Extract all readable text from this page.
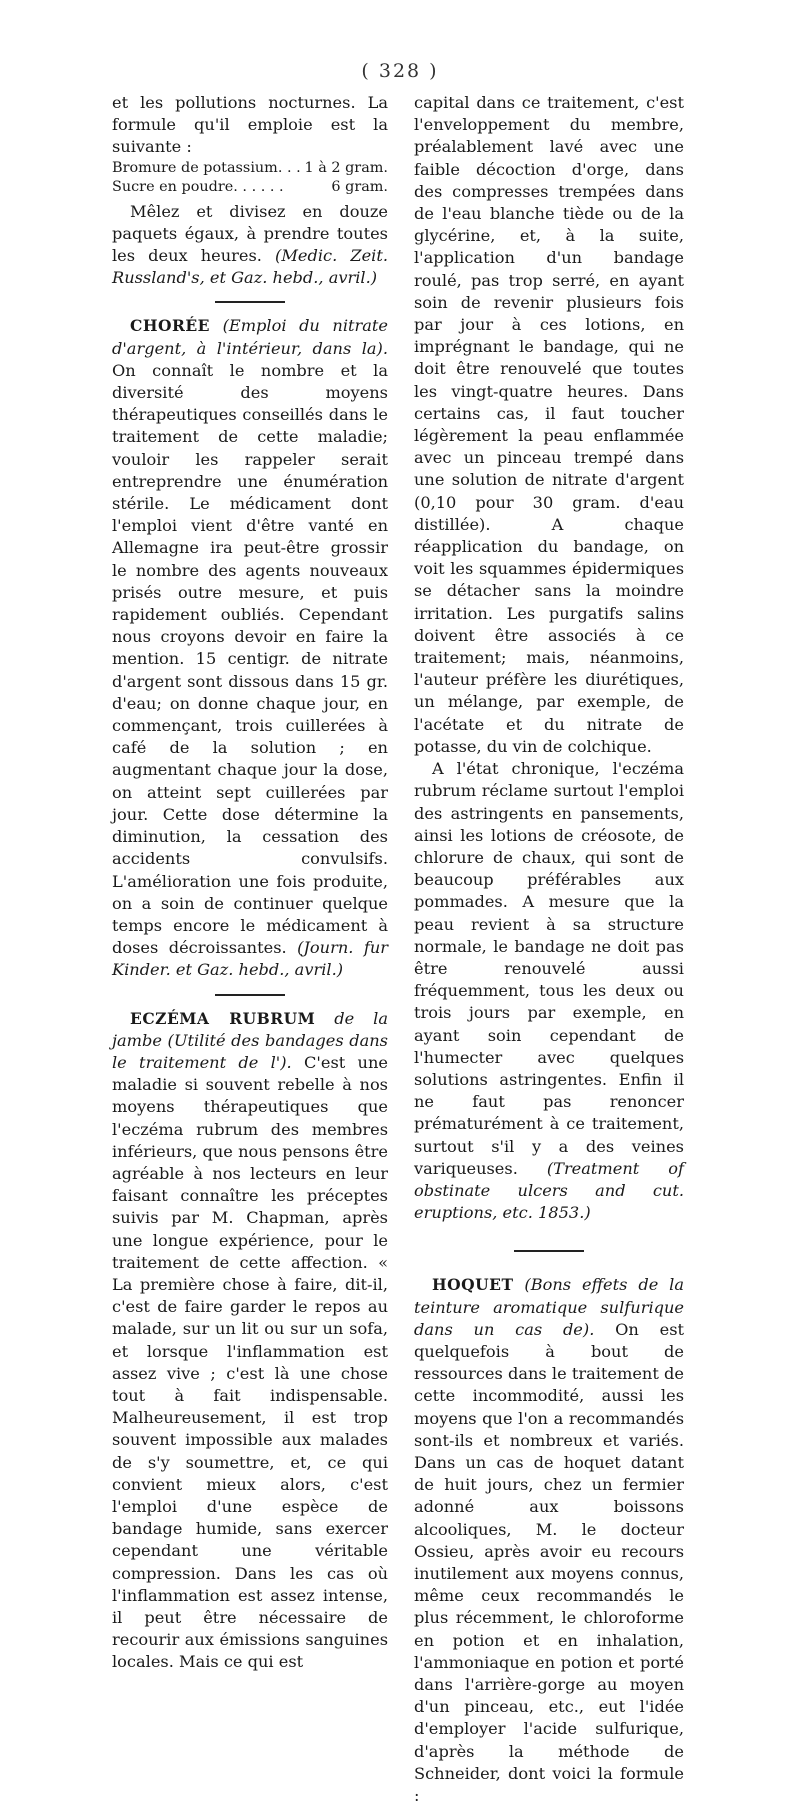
( 328 )

et les pollutions nocturnes. La formule qu'il emploie est la suivante :

Bromure de potassium. . . 1 à 2 gram.
Sucre en poudre. . . . . .	6 gram.

Mêlez et divisez en douze paquets égaux, à prendre toutes les deux heures. (Medic. Zeit. Russland's, et Gaz. hebd., avril.)

CHORÉE (Emploi du nitrate d'argent, à l'intérieur, dans la). On connaît le nombre et la diversité des moyens thérapeutiques conseillés dans le traitement de cette maladie; vouloir les rappeler serait entreprendre une énumération stérile. Le médicament dont l'emploi vient d'être vanté en Allemagne ira peut-être grossir le nombre des agents nouveaux prisés outre mesure, et puis rapidement oubliés. Cependant nous croyons devoir en faire la mention. 15 centigr. de nitrate d'argent sont dissous dans 15 gr. d'eau; on donne chaque jour, en commençant, trois cuillerées à café de la solution ; en augmentant chaque jour la dose, on atteint sept cuillerées par jour. Cette dose détermine la diminution, la cessation des accidents convulsifs. L'amélioration une fois produite, on a soin de continuer quelque temps encore le médicament à doses décroissantes. (Journ. fur Kinder. et Gaz. hebd., avril.)

ECZÉMA RUBRUM de la jambe (Utilité des bandages dans le traitement de l'). C'est une maladie si souvent rebelle à nos moyens thérapeutiques que l'eczéma rubrum des membres inférieurs, que nous pensons être agréable à nos lecteurs en leur faisant connaître les préceptes suivis par M. Chapman, après une longue expérience, pour le traitement de cette affection. « La première chose à faire, dit-il, c'est de faire garder le repos au malade, sur un lit ou sur un sofa, et lorsque l'inflammation est assez vive ; c'est là une chose tout à fait indispensable. Malheureusement, il est trop souvent impossible aux malades de s'y soumettre, et, ce qui convient mieux alors, c'est l'emploi d'une espèce de bandage humide, sans exercer cependant une véritable compression. Dans les cas où l'inflammation est assez intense, il peut être nécessaire de recourir aux émissions sanguines locales. Mais ce qui est

capital dans ce traitement, c'est l'enveloppement du membre, préalablement lavé avec une faible décoction d'orge, dans des compresses trempées dans de l'eau blanche tiède ou de la glycérine, et, à la suite, l'application d'un bandage roulé, pas trop serré, en ayant soin de revenir plusieurs fois par jour à ces lotions, en imprégnant le bandage, qui ne doit être renouvelé que toutes les vingt-quatre heures. Dans certains cas, il faut toucher légèrement la peau enflammée avec un pinceau trempé dans une solution de nitrate d'argent (0,10 pour 30 gram. d'eau distillée). A chaque réapplication du bandage, on voit les squammes épidermiques se détacher sans la moindre irritation. Les purgatifs salins doivent être associés à ce traitement; mais, néanmoins, l'auteur préfère les diurétiques, un mélange, par exemple, de l'acétate et du nitrate de potasse, du vin de colchique.

A l'état chronique, l'eczéma rubrum réclame surtout l'emploi des astringents en pansements, ainsi les lotions de créosote, de chlorure de chaux, qui sont de beaucoup préférables aux pommades. A mesure que la peau revient à sa structure normale, le bandage ne doit pas être renouvelé aussi fréquemment, tous les deux ou trois jours par exemple, en ayant soin cependant de l'humecter avec quelques solutions astringentes. Enfin il ne faut pas renoncer prématurément à ce traitement, surtout s'il y a des veines variqueuses. (Treatment of obstinate ulcers and cut. eruptions, etc. 1853.)

HOQUET (Bons effets de la teinture aromatique sulfurique dans un cas de). On est quelquefois à bout de ressources dans le traitement de cette incommodité, aussi les moyens que l'on a recommandés sont-ils et nombreux et variés. Dans un cas de hoquet datant de huit jours, chez un fermier adonné aux boissons alcooliques, M. le docteur Ossieu, après avoir eu recours inutilement aux moyens connus, même ceux recommandés le plus récemment, le chloroforme en potion et en inhalation, l'ammoniaque en potion et porté dans l'arrière-gorge au moyen d'un pinceau, etc., eut l'idée d'employer l'acide sulfurique, d'après la méthode de Schneider, dont voici la formule :
